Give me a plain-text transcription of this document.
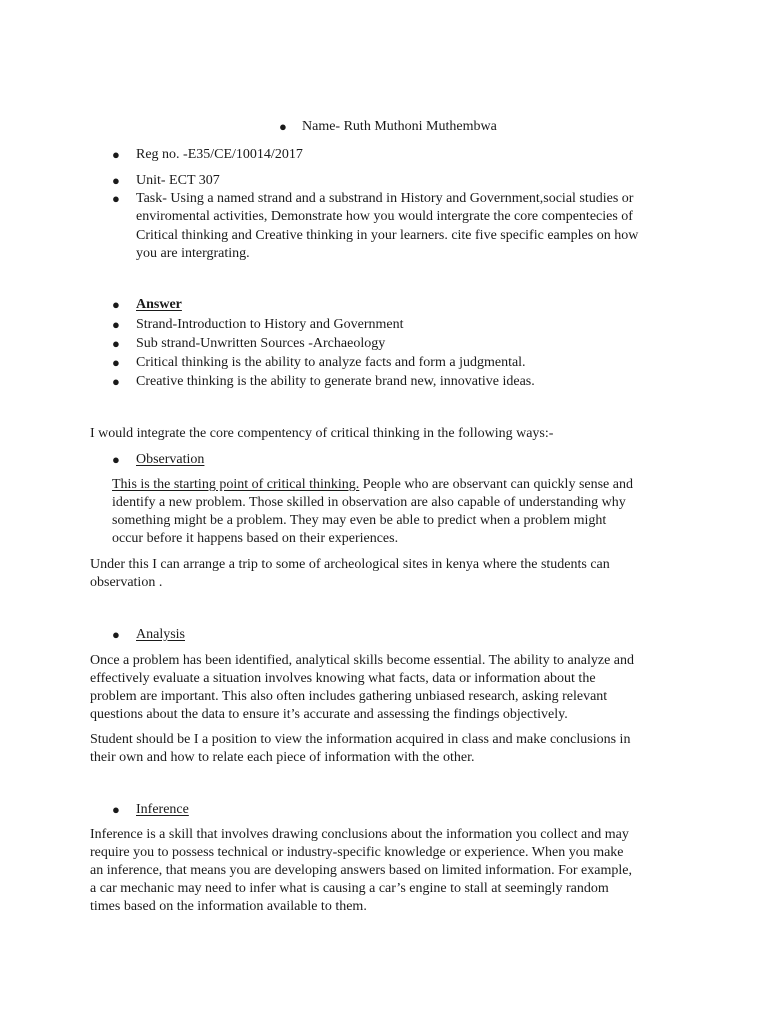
● Name- Ruth Muthoni Muthembwa
● Reg no. -E35/CE/10014/2017
● Unit- ECT 307
● Task- Using a named strand and a substrand in History and Government,social studies or
enviromental activities, Demonstrate how you would intergrate the core compentecies of
Critical thinking and Creative thinking in your learners. cite five specific eamples on how
you are intergrating.
● Answer
● Strand-Introduction to History and Government
● Sub strand-Unwritten Sources -Archaeology
● Critical thinking is the ability to analyze facts and form a judgmental.
● Creative thinking is the ability to generate brand new, innovative ideas.
I would integrate the core compentency of critical thinking in the following ways:-
● Observation
This is the starting point of critical thinking. People who are observant can quickly sense and
identify a new problem. Those skilled in observation are also capable of understanding why
something might be a problem. They may even be able to predict when a problem might
occur before it happens based on their experiences.
Under this I can arrange a trip to some of archeological sites in kenya where the students can
observation .
● Analysis
Once a problem has been identified, analytical skills become essential. The ability to analyze and
effectively evaluate a situation involves knowing what facts, data or information about the
problem are important. This also often includes gathering unbiased research, asking relevant
questions about the data to ensure it’s accurate and assessing the findings objectively.
Student should be I a position to view the information acquired in class and make conclusions in
their own and how to relate each piece of information with the other.
● Inference
Inference is a skill that involves drawing conclusions about the information you collect and may
require you to possess technical or industry-specific knowledge or experience. When you make
an inference, that means you are developing answers based on limited information. For example,
a car mechanic may need to infer what is causing a car’s engine to stall at seemingly random
times based on the information available to them.
